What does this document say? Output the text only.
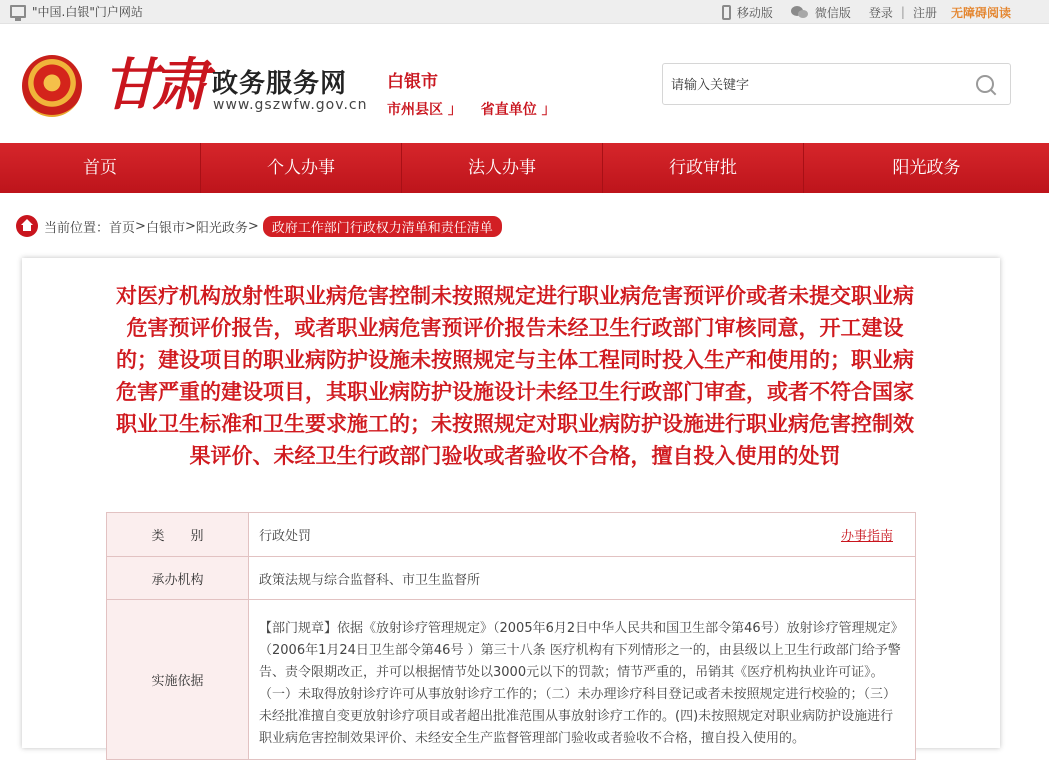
"中国.白银"门户网站	移动版	微信版 登录 | 注册 无障碍阅读
甘肃 政务服务网
www.gszwfw.gov.cn
白银市
市州县区 」 省直单位 」
请输入关键字
首页	个人办事	法人办事	行政审批	阳光政务
当前位置： 首页 > 白银市 > 阳光政务 >	政府工作部门行政权力清单和责任清单
对医疗机构放射性职业病危害控制未按照规定进行职业病危害预评价或者未提交职业病危害预评价报告，或者职业病危害预评价报告未经卫生行政部门审核同意，开工建设的；建设项目的职业病防护设施未按照规定与主体工程同时投入生产和使用的；职业病危害严重的建设项目，其职业病防护设施设计未经卫生行政部门审查，或者不符合国家职业卫生标准和卫生要求施工的；未按照规定对职业病防护设施进行职业病危害控制效果评价、未经卫生行政部门验收或者验收不合格，擅自投入使用的处罚
类　　别	行政处罚 办事指南

承办机构	政策法规与综合监督科、市卫生监督所
实施依据	【部门规章】依据《放射诊疗管理规定》（2005年6月2日中华人民共和国卫生部令第46号）放射诊疗管理规定》（2006年1月24日卫生部令第46号 ）第三十八条 医疗机构有下列情形之一的，由县级以上卫生行政部门给予警告、责令限期改正，并可以根据情节处以3000元以下的罚款；情节严重的，吊销其《医疗机构执业许可证》。（一）未取得放射诊疗许可从事放射诊疗工作的；（二）未办理诊疗科目登记或者未按照规定进行校验的；（三）未经批准擅自变更放射诊疗项目或者超出批准范围从事放射诊疗工作的。(四)未按照规定对职业病防护设施进行职业病危害控制效果评价、未经安全生产监督管理部门验收或者验收不合格，擅自投入使用的。
